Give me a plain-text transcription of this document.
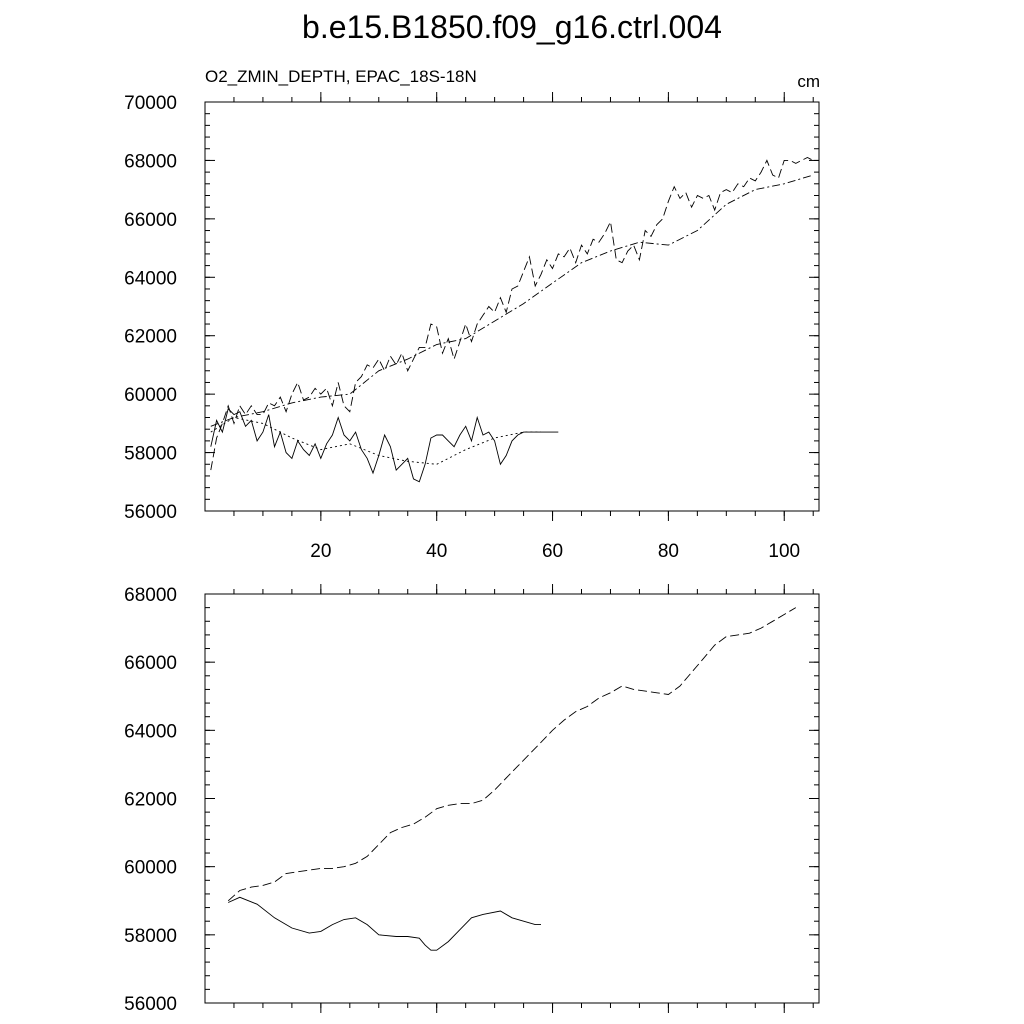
b.e15.B1850.f09_g16.ctrl.004
O2_ZMIN_DEPTH, EPAC_18S-18N	cm
56000
58000
60000
62000
64000
66000
68000
70000
20	40	60	80	100
56000
58000
60000
62000
64000
66000
68000
